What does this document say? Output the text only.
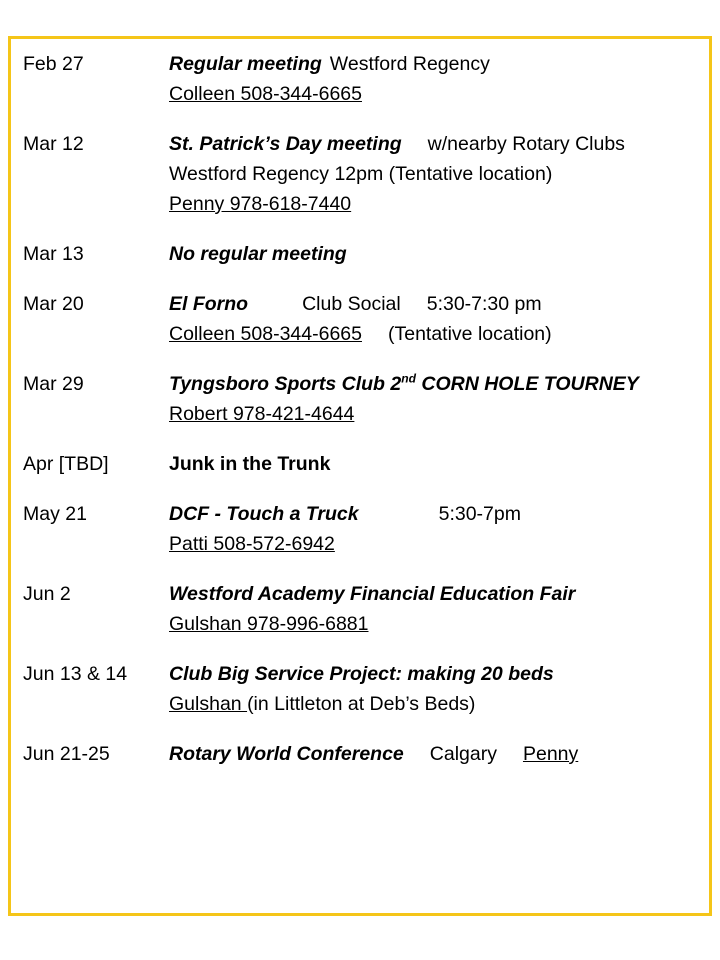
Feb 27	Regular meeting Westford Regency
Colleen 508-344-6665
Mar 12	St. Patrick’s Day meeting w/nearby Rotary Clubs
Westford Regency 12pm (Tentative location)
Penny 978-618-7440
Mar 13	No regular meeting
Mar 20	El Forno	Club Social 5:30-7:30 pm
Colleen 508-344-6665 (Tentative location)
Mar 29	Tyngsboro Sports Club 2nd CORN HOLE TOURNEY
Robert 978-421-4644
Apr [TBD]	Junk in the Trunk
May 21	DCF - Touch a Truck	5:30-7pm
Patti 508-572-6942
Jun 2	Westford Academy Financial Education Fair
Gulshan 978-996-6881
Jun 13 & 14	Club Big Service Project: making 20 beds
Gulshan (in Littleton at Deb’s Beds)
Jun 21-25	Rotary World Conference Calgary Penny
